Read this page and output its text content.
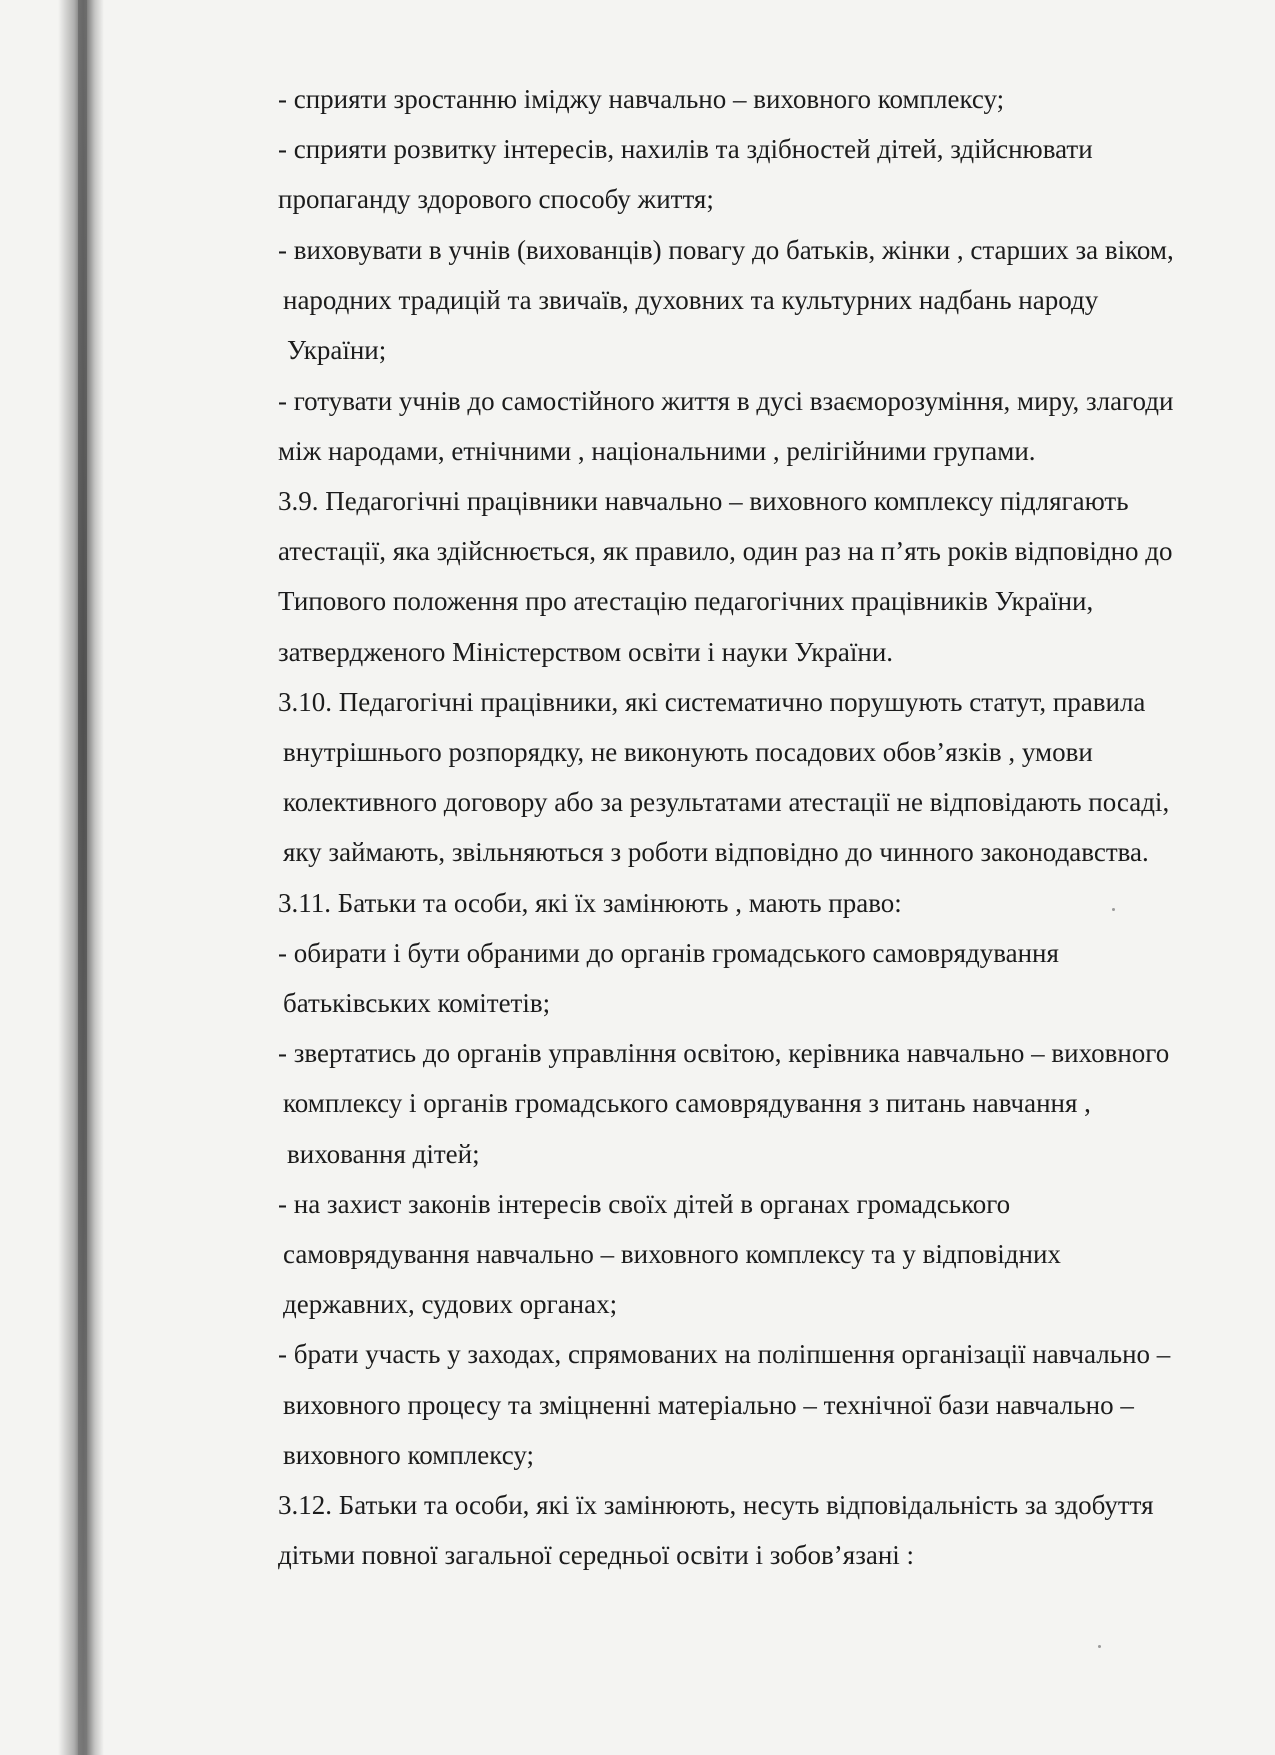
- сприяти зростанню іміджу навчально – виховного комплексу;
- сприяти розвитку інтересів, нахилів та здібностей дітей, здійснювати
пропаганду здорового способу життя;
- виховувати в учнів (вихованців) повагу до батьків, жінки , старших за віком,
народних традицій та звичаїв, духовних та культурних надбань народу
України;
- готувати учнів до самостійного життя в дусі взаєморозуміння, миру, злагоди
між народами, етнічними , національними , релігійними групами.
3.9. Педагогічні працівники навчально – виховного комплексу підлягають
атестації, яка здійснюється, як правило, один раз на п’ять років відповідно до
Типового положення про атестацію педагогічних працівників України,
затвердженого Міністерством освіти і науки України.
3.10. Педагогічні працівники, які систематично порушують статут, правила
внутрішнього розпорядку, не виконують посадових обов’язків , умови
колективного договору або за результатами атестації не відповідають посаді,
яку займають, звільняються з роботи відповідно до чинного законодавства.
3.11. Батьки та особи, які їх замінюють , мають право:
- обирати і бути обраними до органів громадського самоврядування
батьківських комітетів;
- звертатись до органів управління освітою, керівника навчально – виховного
комплексу і органів громадського самоврядування з питань навчання ,
виховання дітей;
- на захист законів інтересів своїх дітей в органах громадського
самоврядування навчально – виховного комплексу та у відповідних
державних, судових органах;
- брати участь у заходах, спрямованих на поліпшення організації навчально –
виховного процесу та зміцненні матеріально – технічної бази навчально –
виховного комплексу;
3.12. Батьки та особи, які їх замінюють, несуть відповідальність за здобуття
дітьми повної загальної середньої освіти і зобов’язані :
